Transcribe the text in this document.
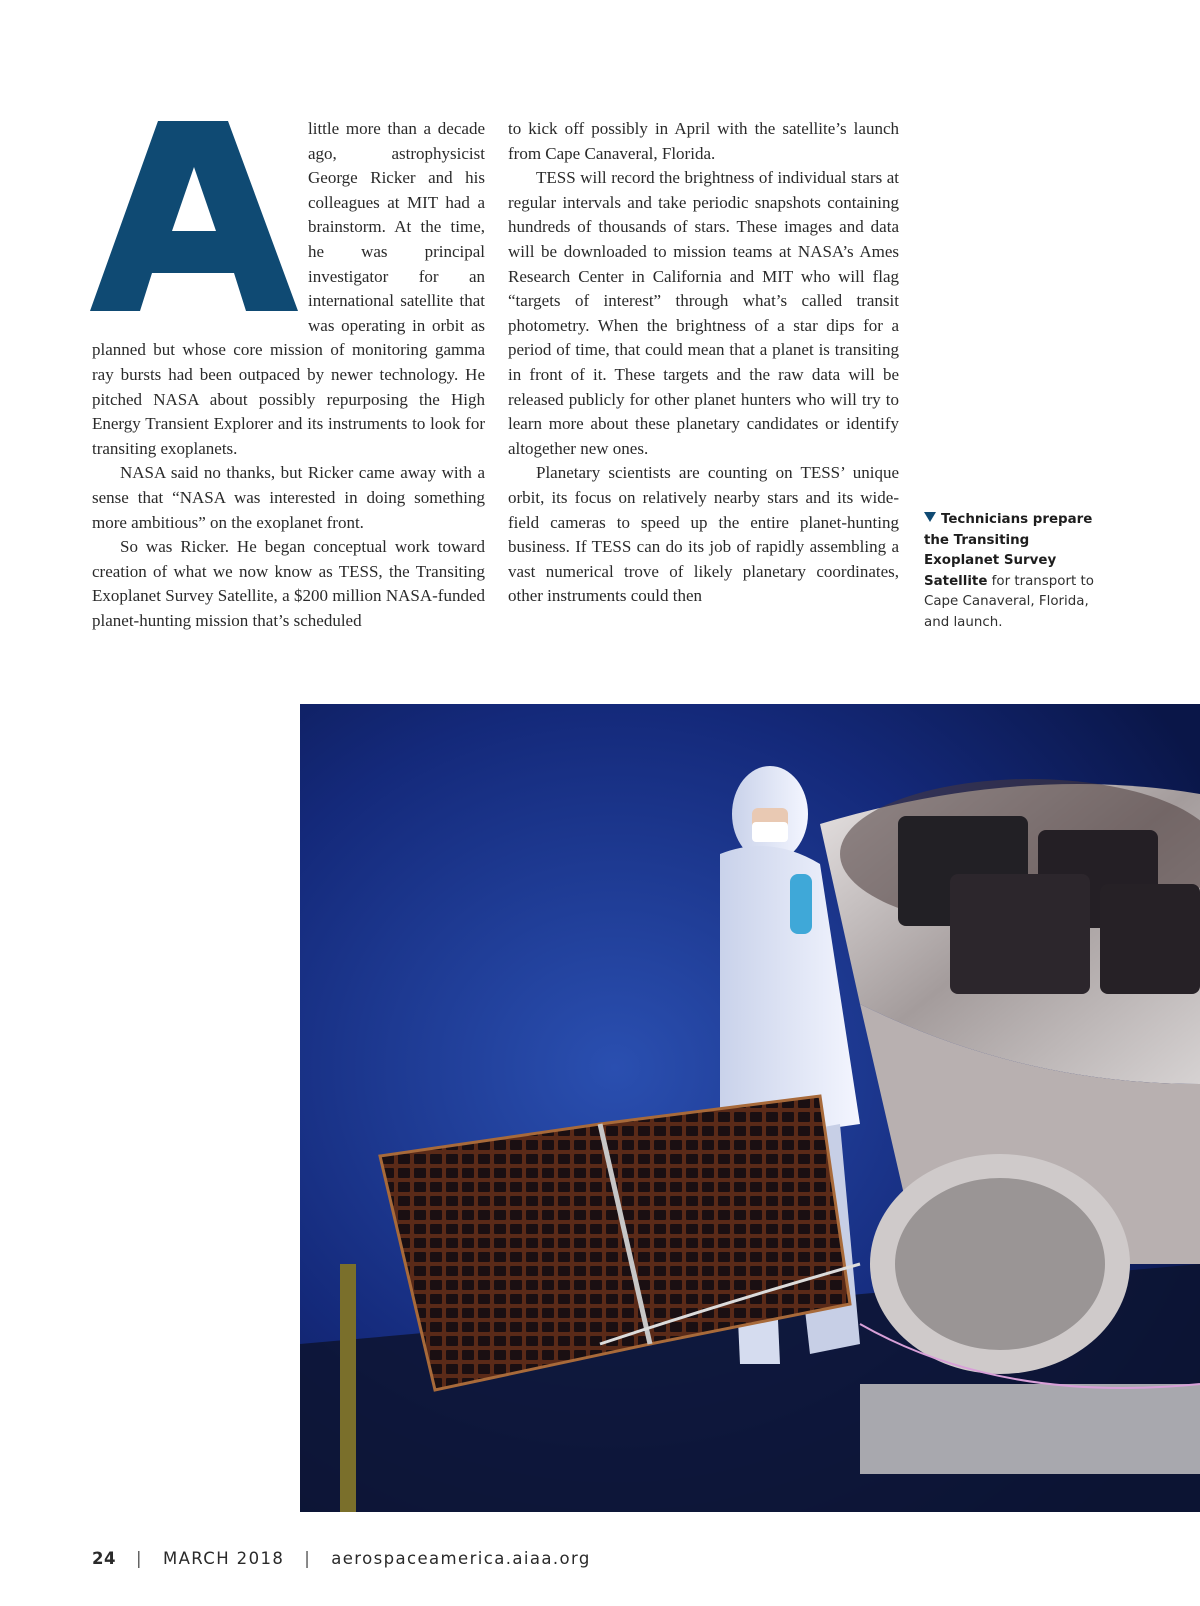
little more than a decade ago, astrophysicist George Ricker and his colleagues at MIT had a brainstorm. At the time, he was principal investigator for an international satellite that was operating in orbit as planned but whose core mission of monitoring gamma ray bursts had been outpaced by newer technology. He pitched NASA about possibly repurposing the High Energy Transient Explorer and its instruments to look for transiting exoplanets.

NASA said no thanks, but Ricker came away with a sense that “NASA was interested in doing something more ambitious” on the exoplanet front.

So was Ricker. He began conceptual work toward creation of what we now know as TESS, the Transiting Exoplanet Survey Satellite, a $200 million NASA-funded planet-hunting mission that’s scheduled

to kick off possibly in April with the satellite’s launch from Cape Canaveral, Florida.

TESS will record the brightness of individual stars at regular intervals and take periodic snapshots containing hundreds of thousands of stars. These images and data will be downloaded to mission teams at NASA’s Ames Research Center in California and MIT who will flag “targets of interest” through what’s called transit photometry. When the brightness of a star dips for a period of time, that could mean that a planet is transiting in front of it. These targets and the raw data will be released publicly for other planet hunters who will try to learn more about these planetary candidates or identify altogether new ones.

Planetary scientists are counting on TESS’ unique orbit, its focus on relatively nearby stars and its wide-field cameras to speed up the entire planet-hunting business. If TESS can do its job of rapidly assembling a vast numerical trove of likely planetary coordinates, other instruments could then

Technicians prepare the Transiting Exoplanet Survey Satellite for transport to Cape Canaveral, Florida, and launch.
24 | MARCH 2018 | aerospaceamerica.aiaa.org
